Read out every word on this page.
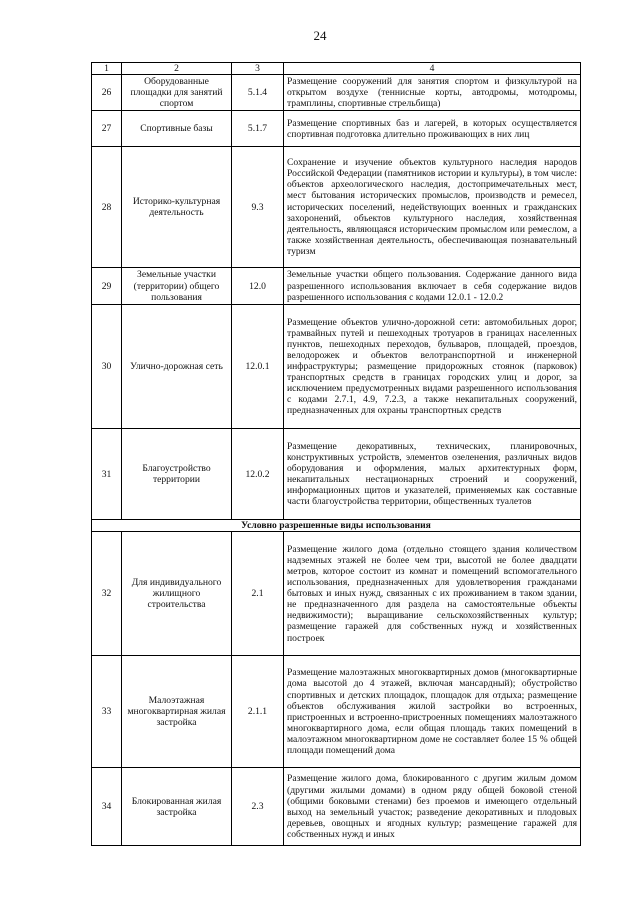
24
1	2	3	4
26	Оборудованные площадки для занятий спортом	5.1.4	Размещение сооружений для занятия спортом и физкультурой на открытом воздухе (теннисные корты, автодромы, мотодромы, трамплины, спортивные стрельбища)
27	Спортивные базы	5.1.7	Размещение спортивных баз и лагерей, в которых осуществляется спортивная подготовка длительно проживающих в них лиц
28	Историко-культурная деятельность	9.3	Сохранение и изучение объектов культурного наследия народов Российской Федерации (памятников истории и культуры), в том числе: объектов археологического наследия, достопримечательных мест, мест бытования исторических промыслов, производств и ремесел, исторических поселений, недействующих военных и гражданских захоронений, объектов культурного наследия, хозяйственная деятельность, являющаяся историческим промыслом или ремеслом, а также хозяйственная деятельность, обеспечивающая познавательный туризм
29	Земельные участки (территории) общего пользования	12.0	Земельные участки общего пользования. Содержание данного вида разрешенного использования включает в себя содержание видов разрешенного использования с кодами 12.0.1 - 12.0.2
30	Улично-дорожная сеть	12.0.1	Размещение объектов улично-дорожной сети: автомобильных дорог, трамвайных путей и пешеходных тротуаров в границах населенных пунктов, пешеходных переходов, бульваров, площадей, проездов, велодорожек и объектов велотранспортной и инженерной инфраструктуры; размещение придорожных стоянок (парковок) транспортных средств в границах городских улиц и дорог, за исключением предусмотренных видами разрешенного использования с кодами 2.7.1, 4.9, 7.2.3, а также некапитальных сооружений, предназначенных для охраны транспортных средств
31	Благоустройство территории	12.0.2	Размещение декоративных, технических, планировочных, конструктивных устройств, элементов озеленения, различных видов оборудования и оформления, малых архитектурных форм, некапитальных нестационарных строений и сооружений, информационных щитов и указателей, применяемых как составные части благоустройства территории, общественных туалетов
Условно разрешенные виды использования			
32	Для индивидуального жилищного строительства	2.1	Размещение жилого дома (отдельно стоящего здания количеством надземных этажей не более чем три, высотой не более двадцати метров, которое состоит из комнат и помещений вспомогательного использования, предназначенных для удовлетворения гражданами бытовых и иных нужд, связанных с их проживанием в таком здании, не предназначенного для раздела на самостоятельные объекты недвижимости); выращивание сельскохозяйственных культур; размещение гаражей для собственных нужд и хозяйственных построек
33	Малоэтажная многоквартирная жилая застройка	2.1.1	Размещение малоэтажных многоквартирных домов (многоквартирные дома высотой до 4 этажей, включая мансардный); обустройство спортивных и детских площадок, площадок для отдыха; размещение объектов обслуживания жилой застройки во встроенных, пристроенных и встроенно-пристроенных помещениях малоэтажного многоквартирного дома, если общая площадь таких помещений в малоэтажном многоквартирном доме не составляет более 15 % общей площади помещений дома
34	Блокированная жилая застройка	2.3	Размещение жилого дома, блокированного с другим жилым домом (другими жилыми домами) в одном ряду общей боковой стеной (общими боковыми стенами) без проемов и имеющего отдельный выход на земельный участок; разведение декоративных и плодовых деревьев, овощных и ягодных культур; размещение гаражей для собственных нужд и иных
